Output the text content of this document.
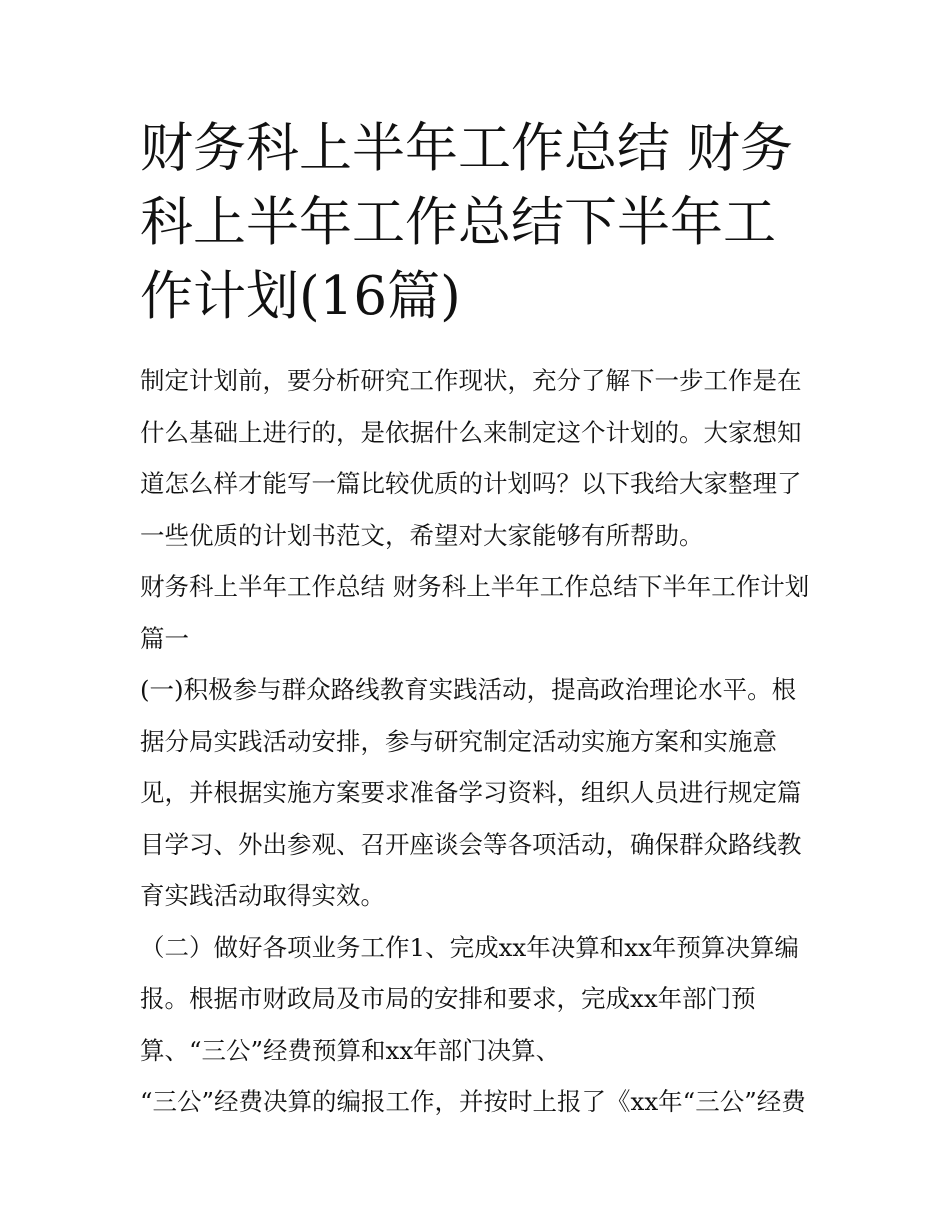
财务科上半年工作总结 财务科上半年工作总结下半年工作计划(16篇)

制定计划前，要分析研究工作现状，充分了解下一步工作是在什么基础上进行的，是依据什么来制定这个计划的。大家想知道怎么样才能写一篇比较优质的计划吗？以下我给大家整理了一些优质的计划书范文，希望对大家能够有所帮助。

财务科上半年工作总结 财务科上半年工作总结下半年工作计划篇一

(一)积极参与群众路线教育实践活动，提高政治理论水平。根据分局实践活动安排，参与研究制定活动实施方案和实施意见，并根据实施方案要求准备学习资料，组织人员进行规定篇目学习、外出参观、召开座谈会等各项活动，确保群众路线教育实践活动取得实效。

（二）做好各项业务工作1、完成xx年决算和xx年预算决算编报。根据市财政局及市局的安排和要求，完成xx年部门预算、“三公”经费预算和xx年部门决算、

“三公”经费决算的编报工作，并按时上报了《xx年“三公”经费
